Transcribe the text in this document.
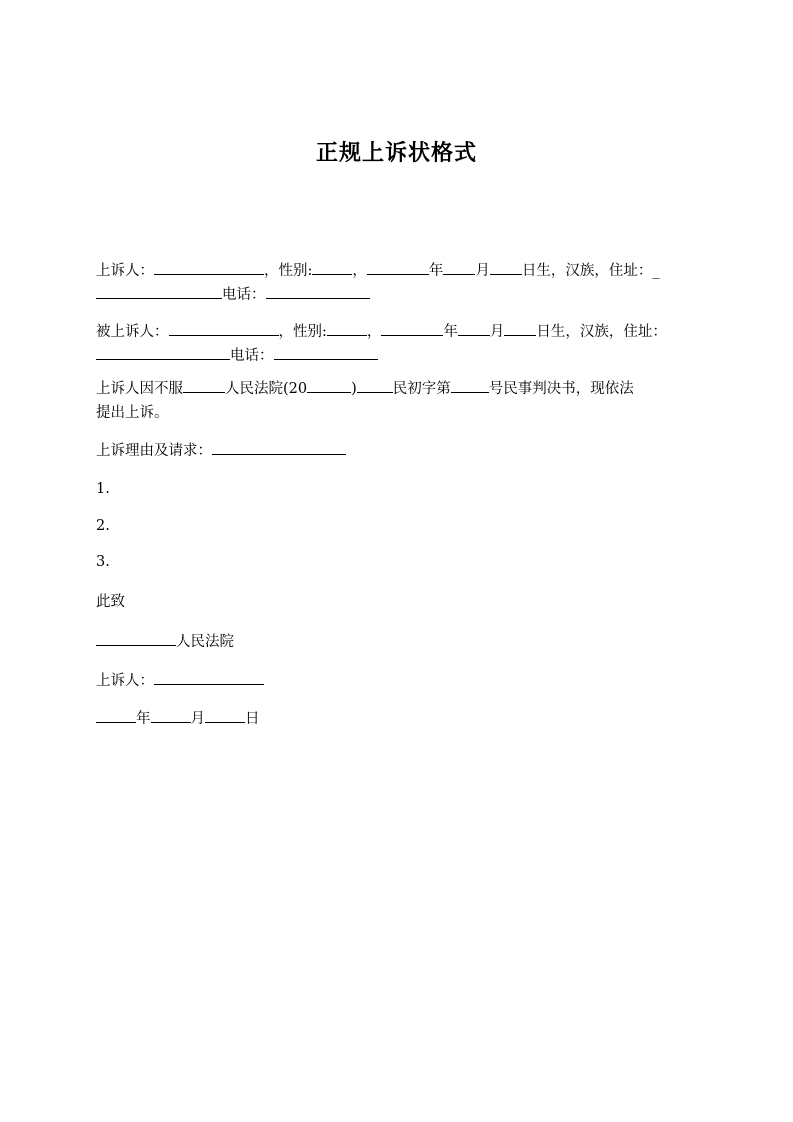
正规上诉状格式
上诉人：	，性别:	，	年 月 日生，汉族，住址：_
电话：
被上诉人：	，性别:	，	年 月 日生，汉族，住址：
电话：
上诉人因不服	人民法院(20	) 民初字第	号民事判决书，现依法
提出上诉。
上诉理由及请求：
1.
2.
3.
此致
人民法院
上诉人：
年	月	日
